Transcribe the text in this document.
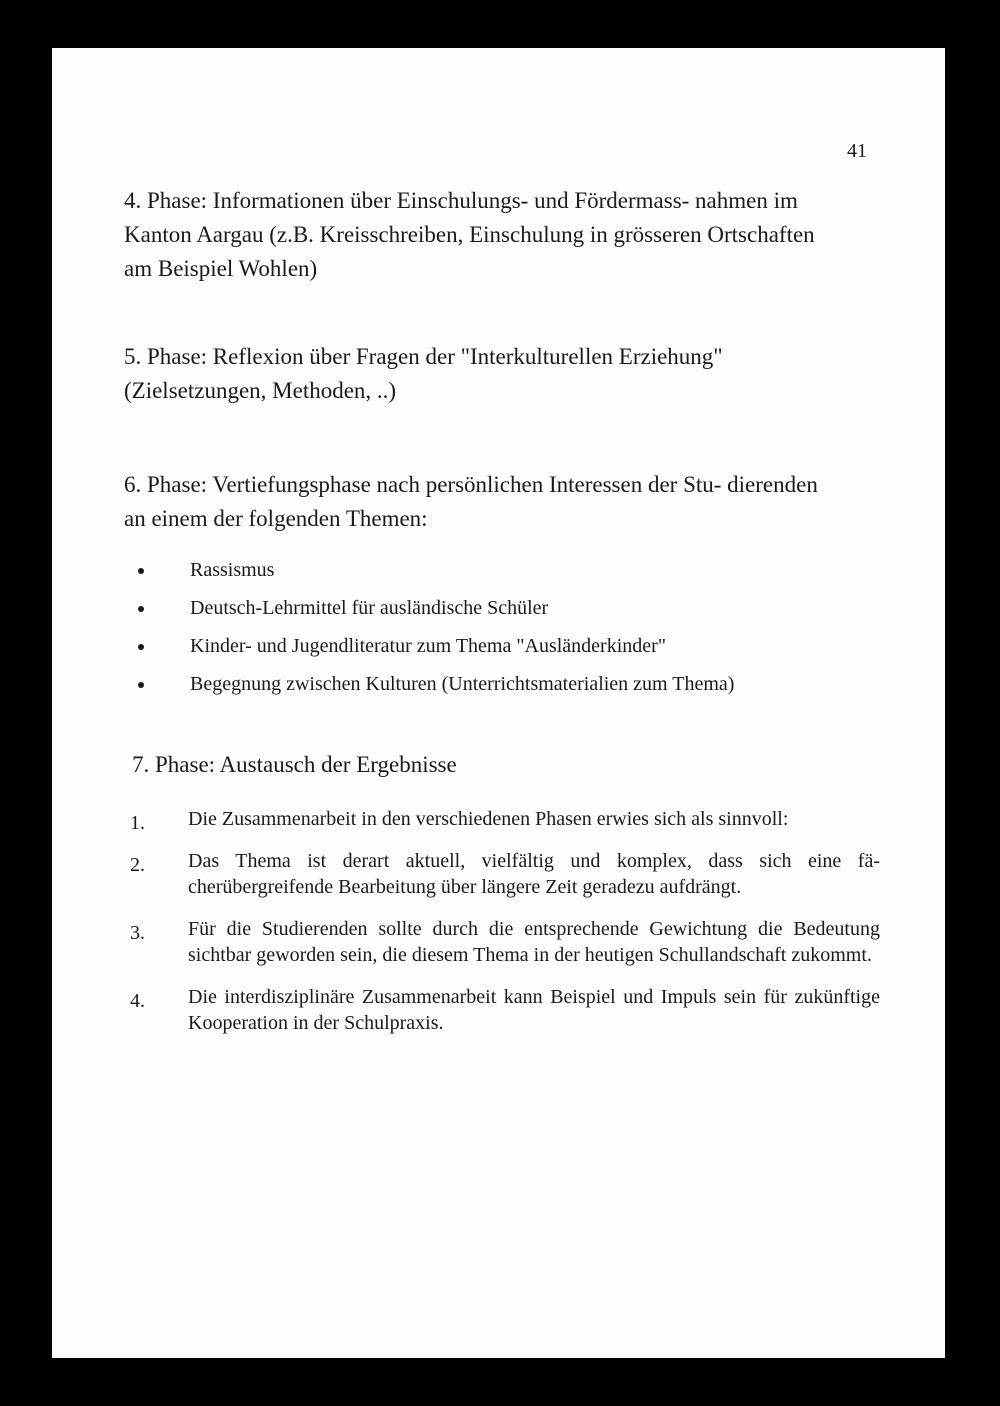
41
4. Phase: Informationen über Einschulungs- und Fördermass- nahmen im Kanton Aargau (z.B. Kreisschreiben, Einschulung in grösseren Ortschaften am Beispiel Wohlen)
5. Phase: Reflexion über Fragen der "Interkulturellen Erziehung" (Zielsetzungen, Methoden, ..)
6. Phase: Vertiefungsphase nach persönlichen Interessen der Stu- dierenden an einem der folgenden Themen:
Rassismus
Deutsch-Lehrmittel für ausländische Schüler
Kinder- und Jugendliteratur zum Thema "Ausländerkinder"
Begegnung zwischen Kulturen (Unterrichtsmaterialien zum Thema)
7. Phase: Austausch der Ergebnisse
1. Die Zusammenarbeit in den verschiedenen Phasen erwies sich als sinnvoll:
2. Das Thema ist derart aktuell, vielfältig und komplex, dass sich eine fä- cherübergreifende Bearbeitung über längere Zeit geradezu aufdrängt.
3. Für die Studierenden sollte durch die entsprechende Gewichtung die Bedeutung sichtbar geworden sein, die diesem Thema in der heutigen Schullandschaft zukommt.
4. Die interdisziplinäre Zusammenarbeit kann Beispiel und Impuls sein für zukünftige Kooperation in der Schulpraxis.
